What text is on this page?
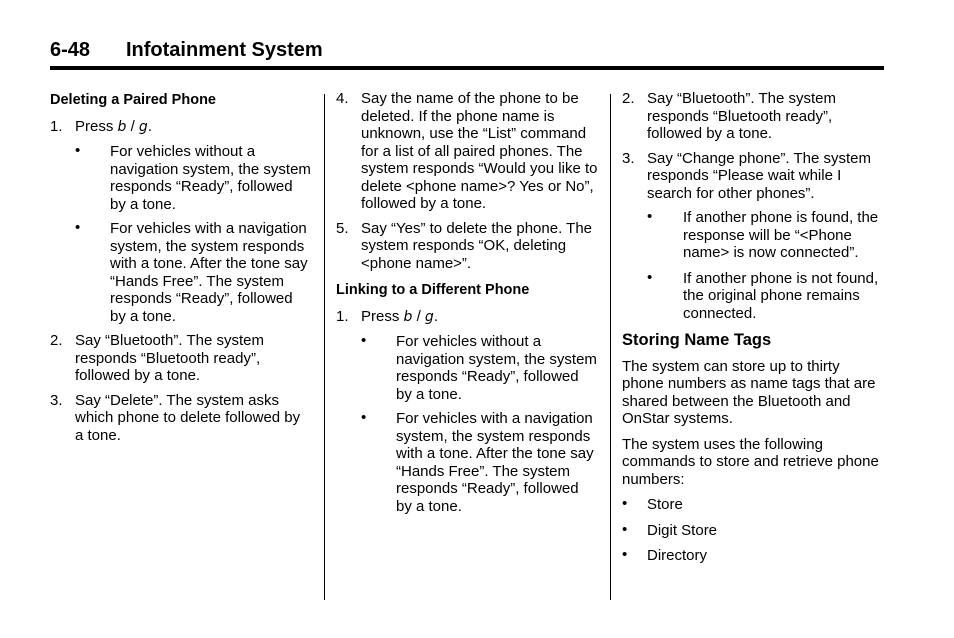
6-48 Infotainment System
Deleting a Paired Phone
1. Press b / g.
• For vehicles without a navigation system, the system responds “Ready”, followed by a tone.
• For vehicles with a navigation system, the system responds with a tone. After the tone say “Hands Free”. The system responds “Ready”, followed by a tone.
2. Say “Bluetooth”. The system responds “Bluetooth ready”, followed by a tone.
3. Say “Delete”. The system asks which phone to delete followed by a tone.
4. Say the name of the phone to be deleted. If the phone name is unknown, use the “List” command for a list of all paired phones. The system responds “Would you like to delete <phone name>? Yes or No”, followed by a tone.
5. Say “Yes” to delete the phone. The system responds “OK, deleting <phone name>”.
Linking to a Different Phone
1. Press b / g.
• For vehicles without a navigation system, the system responds “Ready”, followed by a tone.
• For vehicles with a navigation system, the system responds with a tone. After the tone say “Hands Free”. The system responds “Ready”, followed by a tone.
2. Say “Bluetooth”. The system responds “Bluetooth ready”, followed by a tone.
3. Say “Change phone”. The system responds “Please wait while I search for other phones”.
• If another phone is found, the response will be “<Phone name> is now connected”.
• If another phone is not found, the original phone remains connected.
Storing Name Tags
The system can store up to thirty phone numbers as name tags that are shared between the Bluetooth and OnStar systems.
The system uses the following commands to store and retrieve phone numbers:
• Store
• Digit Store
• Directory
